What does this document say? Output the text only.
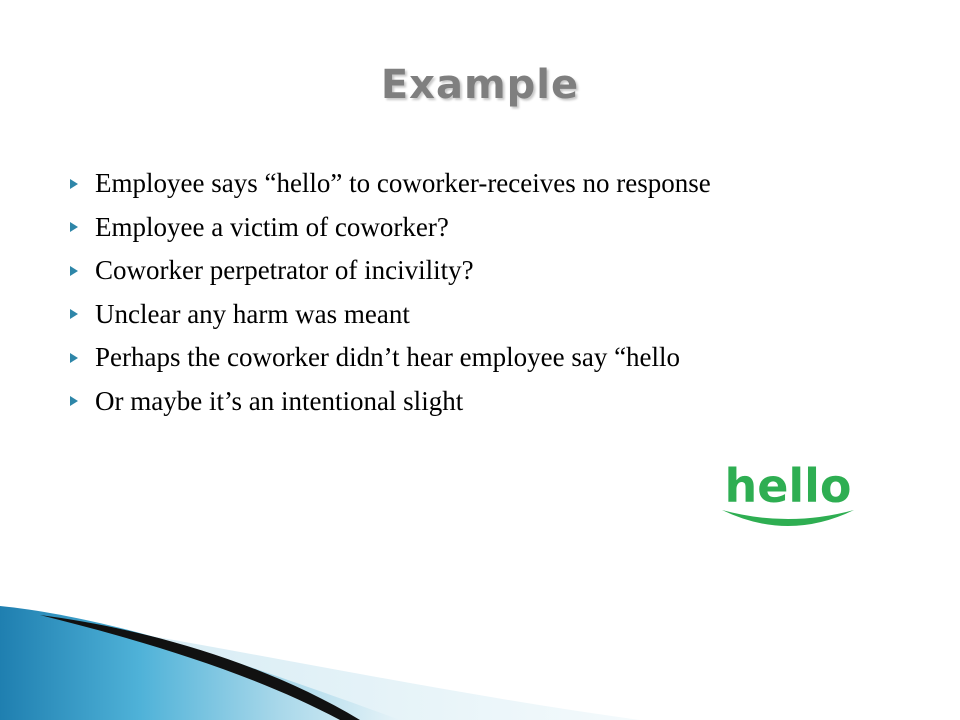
Example
Employee says “hello” to coworker-receives no response
Employee a victim of coworker?
Coworker perpetrator of incivility?
Unclear any harm was meant
Perhaps the coworker didn’t hear employee say “hello
Or maybe it’s an intentional slight
hello
